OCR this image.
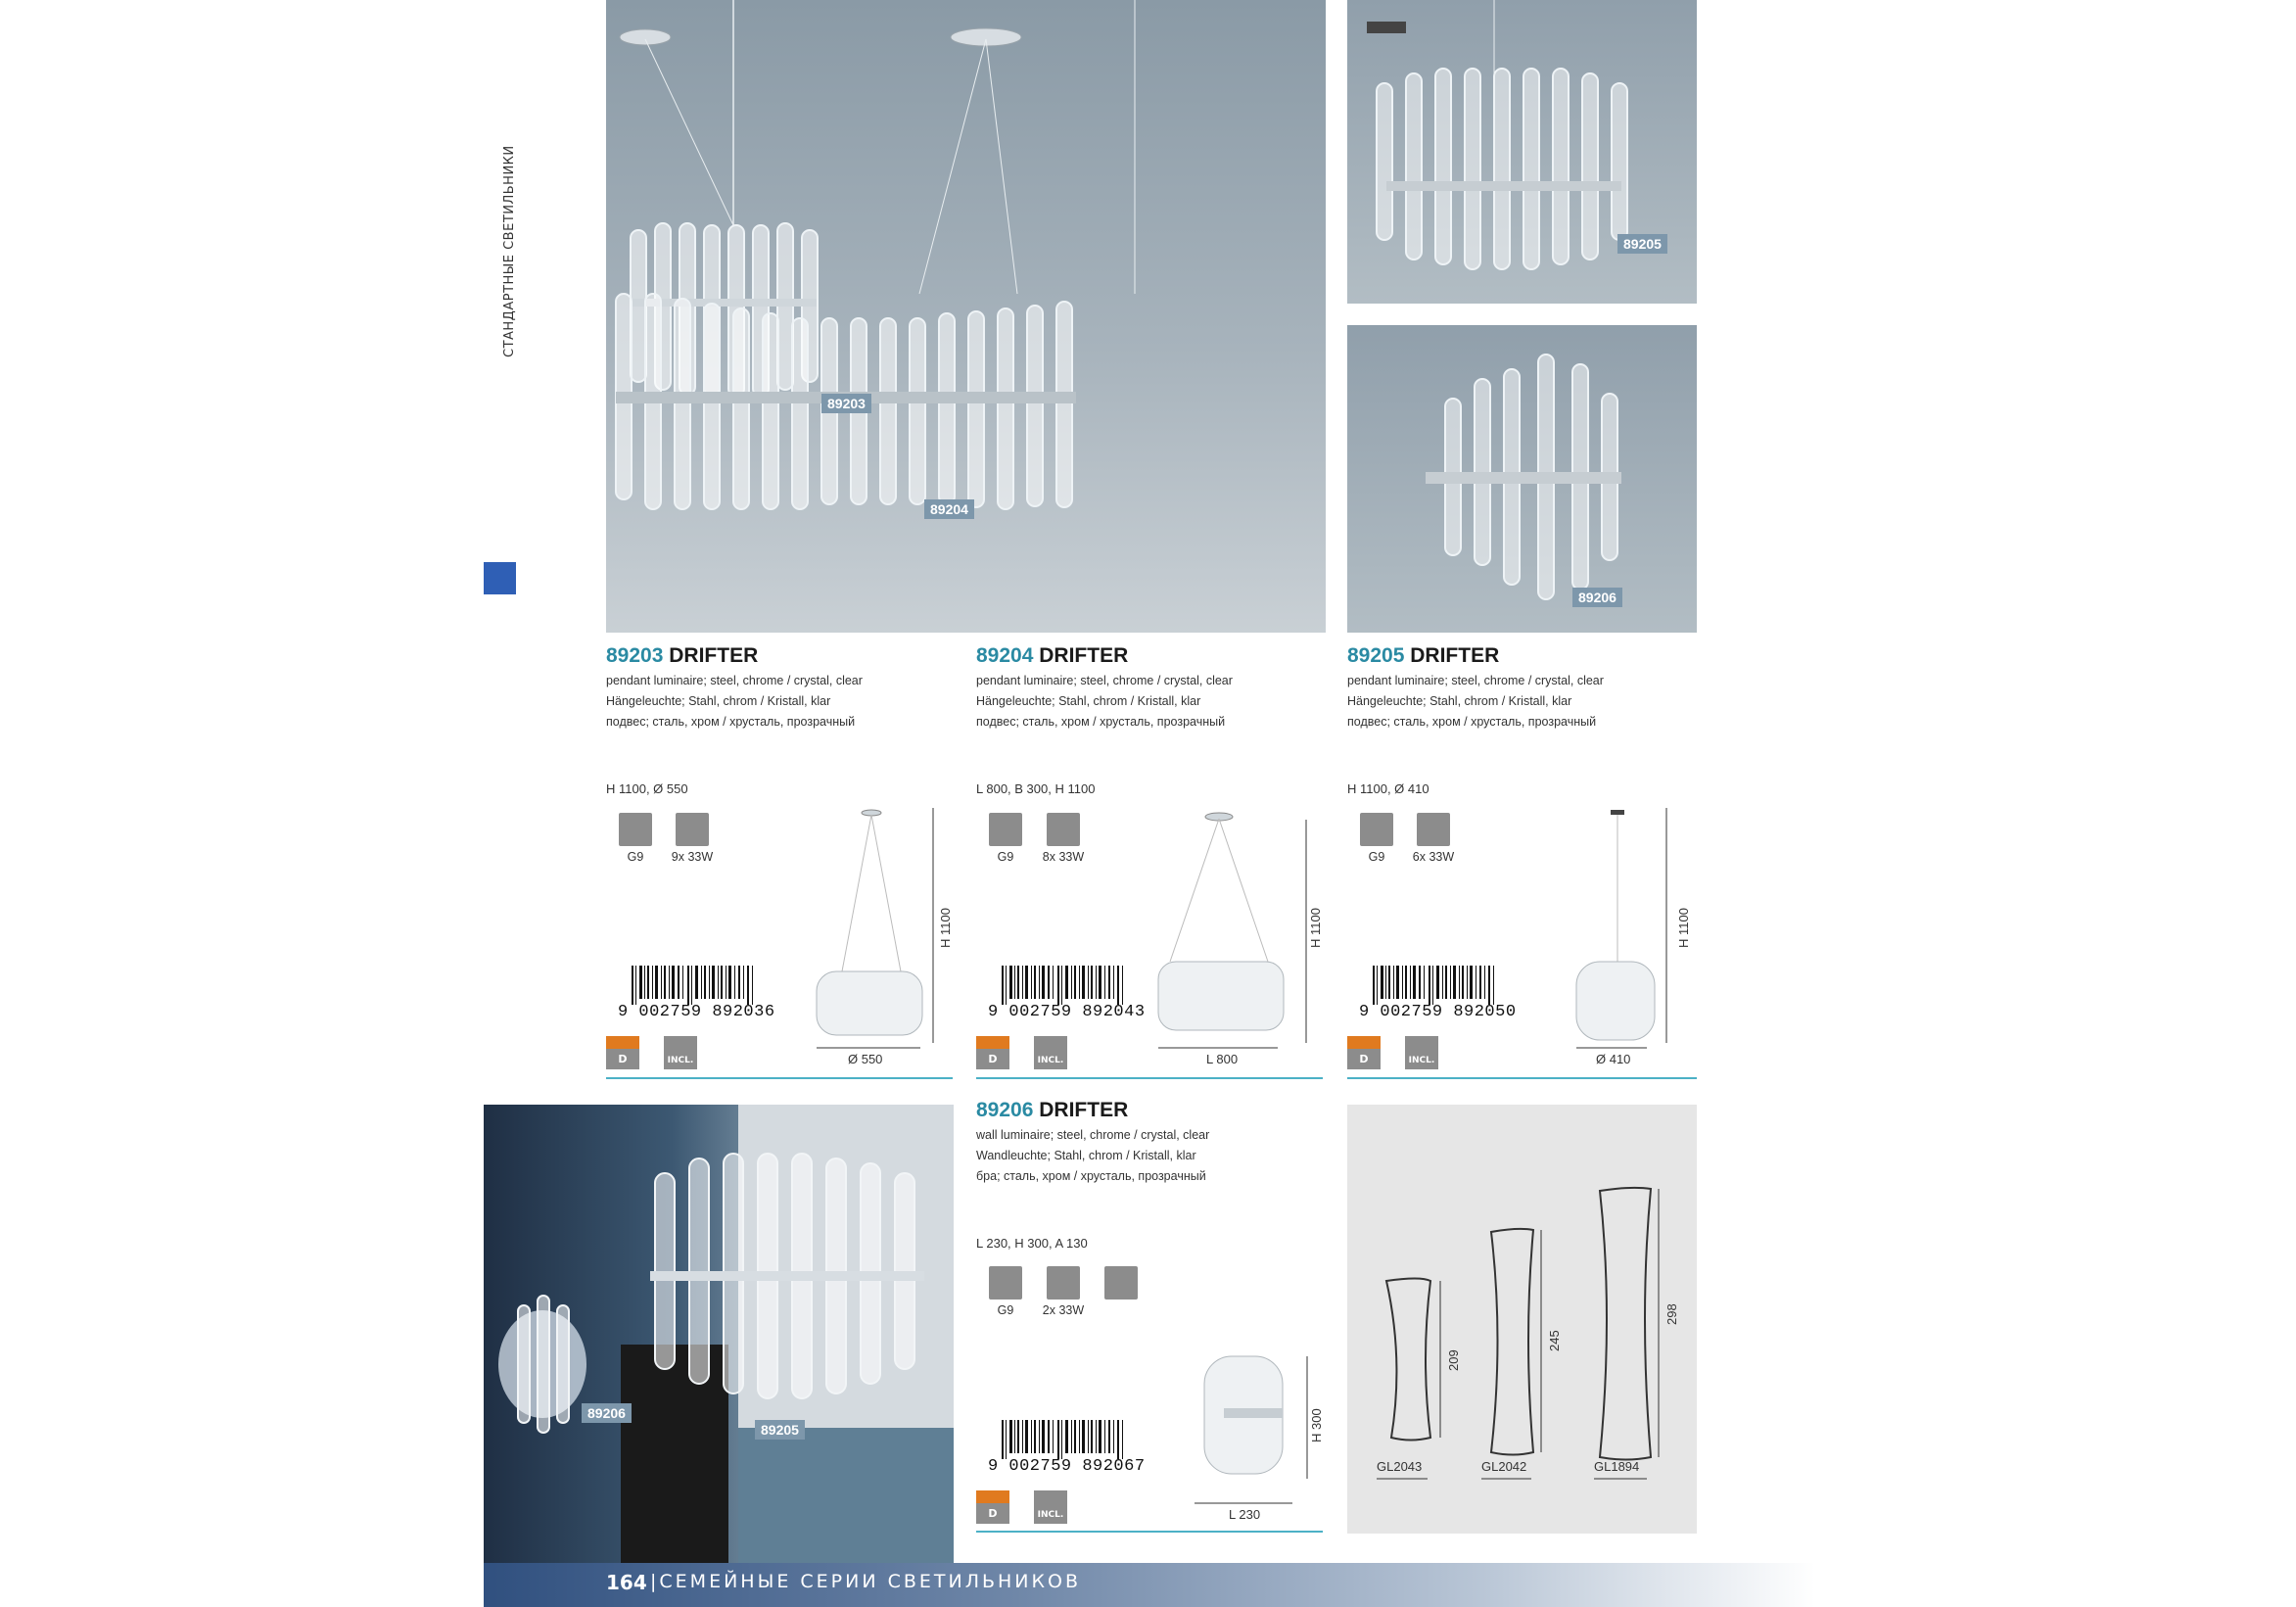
СТАНДАРТНЫЕ СВЕТИЛЬНИКИ
89203
89204
89205
89206
89203 DRIFTER
pendant luminaire; steel, chrome / crystal, clear
Hängeleuchte; Stahl, chrom / Kristall, klar
подвес; сталь, хром / хрусталь, прозрачный
H 1100, Ø 550
89204 DRIFTER
pendant luminaire; steel, chrome / crystal, clear
Hängeleuchte; Stahl, chrom / Kristall, klar
подвес; сталь, хром / хрусталь, прозрачный
L 800, B 300, H 1100
89205 DRIFTER
pendant luminaire; steel, chrome / crystal, clear
Hängeleuchte; Stahl, chrom / Kristall, klar
подвес; сталь, хром / хрусталь, прозрачный
H 1100, Ø 410
89206 DRIFTER
wall luminaire; steel, chrome / crystal, clear
Wandleuchte; Stahl, chrom / Kristall, klar
бра; сталь, хром / хрусталь, прозрачный
L 230, H 300, A 130
G9	9x 33W	G9	8x 33W	G9	6x 33W
G9	2x 33W
9 002759 892036	9 002759 892043	9 002759 892050
9 002759 892067
D	INCL.	D	INCL.	D	INCL.
D	INCL.
H 1100
Ø 550
H 1100
L 800
H 1100
Ø 410
H 300
L 230
89206
89205
209
245
298
GL2043	GL2042	GL1894
164 |СЕМЕЙНЫЕ СЕРИИ СВЕТИЛЬНИКОВ
